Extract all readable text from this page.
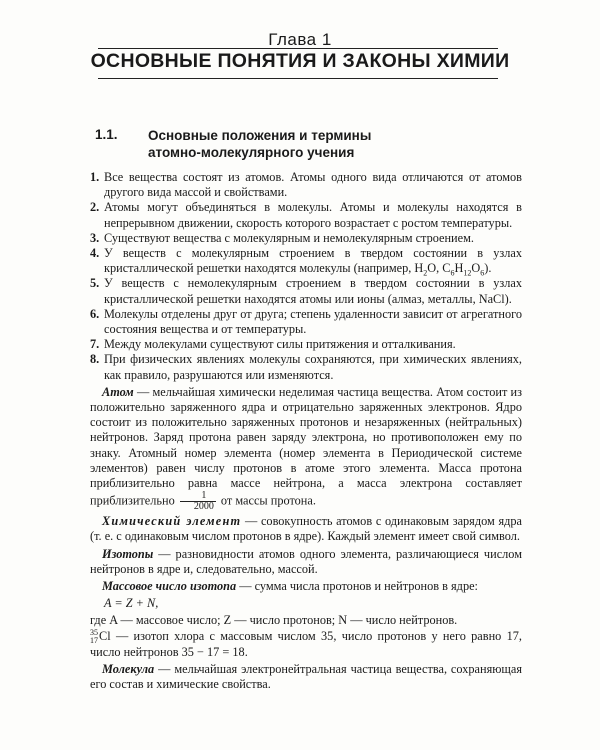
Глава 1
ОСНОВНЫЕ ПОНЯТИЯ И ЗАКОНЫ ХИМИИ
1.1. Основные положения и термины
атомно-молекулярного учения
1. Все вещества состоят из атомов. Атомы одного вида отличаются от атомов другого вида массой и свойствами.
2. Атомы могут объединяться в молекулы. Атомы и молекулы находятся в непрерывном движении, скорость которого возрастает с ростом температуры.
3. Существуют вещества с молекулярным и немолекулярным строением.
4. У веществ с молекулярным строением в твердом состоянии в узлах кристаллической решетки находятся молекулы (например, $H_2O$, $C_6H_{12}O_6$).
5. У веществ с немолекулярным строением в твердом состоянии в узлах кристаллической решетки находятся атомы или ионы (алмаз, металлы, NaCl).
6. Молекулы отделены друг от друга; степень удаленности зависит от агрегатного состояния вещества и от температуры.
7. Между молекулами существуют силы притяжения и отталкивания.
8. При физических явлениях молекулы сохраняются, при химических явлениях, как правило, разрушаются или изменяются.
Атом — мельчайшая химически неделимая частица вещества. Атом состоит из положительно заряженного ядра и отрицательно заряженных электронов. Ядро состоит из положительно заряженных протонов и незаряженных (нейтральных) нейтронов. Заряд протона равен заряду электрона, но противоположен ему по знаку. Атомный номер элемента (номер элемента в Периодической системе элементов) равен числу протонов в атоме этого элемента. Масса протона приблизительно равна массе нейтрона, а масса электрона составляет приблизительно $\frac{1}{2000}$ от массы протона.
Химический элемент — совокупность атомов с одинаковым зарядом ядра (т. е. с одинаковым числом протонов в ядре). Каждый элемент имеет свой символ.
Изотопы — разновидности атомов одного элемента, различающиеся числом нейтронов в ядре и, следовательно, массой.
Массовое число изотопа — сумма числа протонов и нейтронов в ядре:
A = Z + N,
где A — массовое число; Z — число протонов; N — число нейтронов.
35
17 Cl — изотоп хлора с массовым числом 35, число протонов у него равно 17, число нейтронов 35 − 17 = 18.
Молекула — мельчайшая электронейтральная частица вещества, сохраняющая его состав и химические свойства.
